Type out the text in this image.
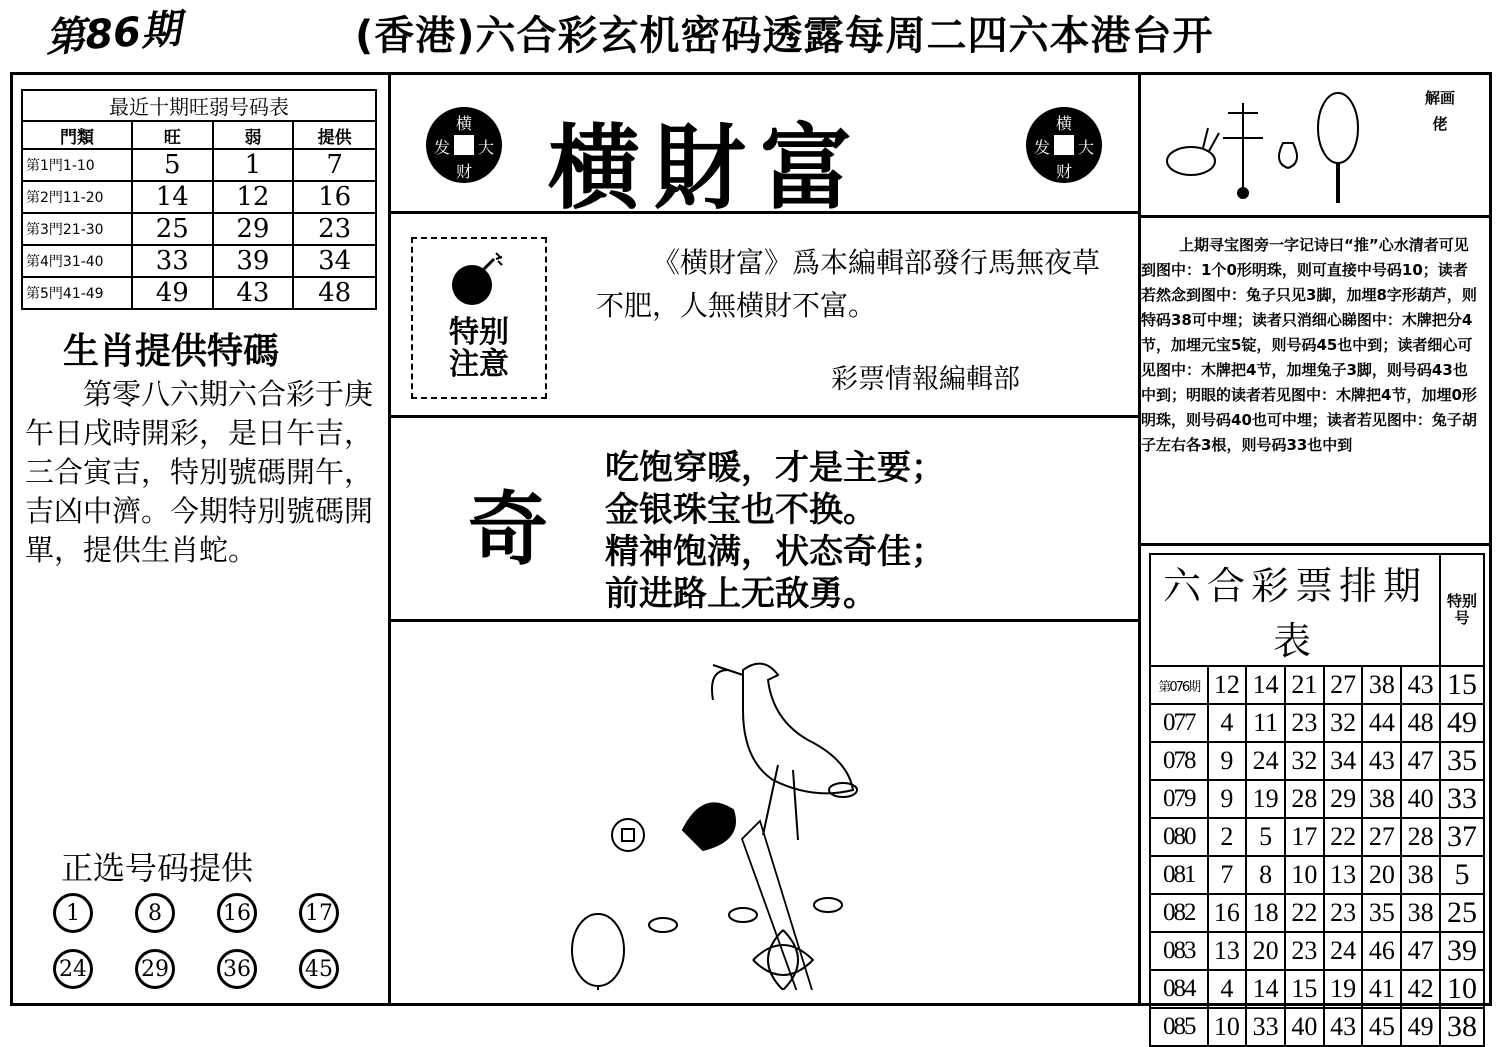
第86期	(香港)六合彩玄机密码透露每周二四六本港台开
最近十期旺弱号码表			
門類	旺	弱	提供
第1門1-10	5	1	7
第2門11-20	14	12	16
第3門21-30	25	29	23
第4門31-40	33	39	34
第5門41-49	49	43	48
生肖提供特碼
第零八六期六合彩于庚午日戌時開彩，是日午吉，三合寅吉，特別號碼開午，吉凶中濟。今期特別號碼開單，提供生肖蛇。
正选号码提供
1	8	16 17
24 29 36 45
横
发 大
财 横財富	横
发 大
财
特别注意
《横財富》爲本編輯部發行馬無夜草不肥，人無横財不富。
彩票情報編輯部
奇
吃饱穿暖，才是主要；
金银珠宝也不换。
精神饱满，状态奇佳；
前进路上无敌勇。
解画佬
上期寻宝图旁一字记诗曰“推”心水清者可见到图中：1个0形明珠，则可直接中号码10；读者若然念到图中：兔子只见3脚，加埋8字形葫芦，则特码38可中埋；读者只消细心睇图中：木牌把分4节，加埋元宝5锭，则号码45也中到；读者细心可见图中：木牌把4节，加埋兔子3脚，则号码43也中到；明眼的读者若见图中：木牌把4节，加埋0形明珠，则号码40也可中埋；读者若见图中：兔子胡子左右各3根，则号码33也中到
六合彩票排期表							特别号
第076期	12	14	21	27	38	43	15
077	4	11	23	32	44	48	49
078	9	24	32	34	43	47	35
079	9	19	28	29	38	40	33
080	2	5	17	22	27	28	37
081	7	8	10	13	20	38	5
082	16	18	22	23	35	38	25
083	13	20	23	24	46	47	39
084	4	14	15	19	41	42	10
085	10	33	40	43	45	49	38
